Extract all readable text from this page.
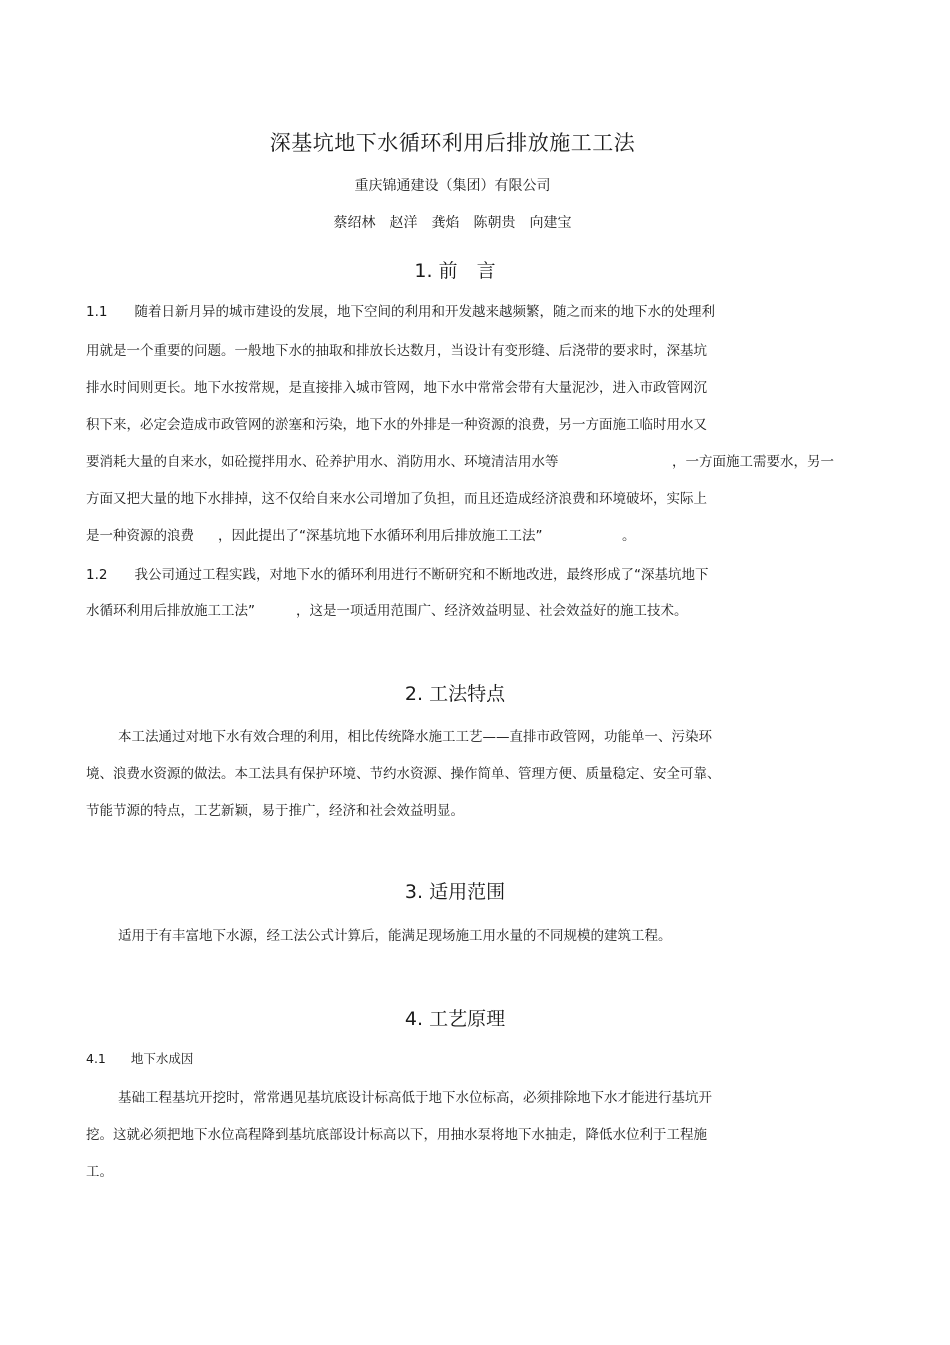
深基坑地下水循环利用后排放施工工法
重庆锦通建设（集团）有限公司
蔡绍林　赵洋　龚焰　陈朝贵　向建宝
1. 前　言
1.1　　随着日新月异的城市建设的发展，地下空间的利用和开发越来越频繁，随之而来的地下水的处理利
用就是一个重要的问题。一般地下水的抽取和排放长达数月，当设计有变形缝、后浇带的要求时，深基坑
排水时间则更长。地下水按常规，是直接排入城市管网，地下水中常常会带有大量泥沙，进入市政管网沉
积下来，必定会造成市政管网的淤塞和污染，地下水的外排是一种资源的浪费，另一方面施工临时用水又
要消耗大量的自来水，如砼搅拌用水、砼养护用水、消防用水、环境清洁用水等	，一方面施工需要水，另一
方面又把大量的地下水排掉，这不仅给自来水公司增加了负担，而且还造成经济浪费和环境破坏，实际上
是一种资源的浪费 ，因此提出了“深基坑地下水循环利用后排放施工工法”	。
1.2　　我公司通过工程实践，对地下水的循环利用进行不断研究和不断地改进，最终形成了“深基坑地下
水循环利用后排放施工工法”	，这是一项适用范围广、经济效益明显、社会效益好的施工技术。
2. 工法特点
本工法通过对地下水有效合理的利用，相比传统降水施工工艺——直排市政管网，功能单一、污染环
境、浪费水资源的做法。本工法具有保护环境、节约水资源、操作简单、管理方便、质量稳定、安全可靠、
节能节源的特点，工艺新颖，易于推广，经济和社会效益明显。
3. 适用范围
适用于有丰富地下水源，经工法公式计算后，能满足现场施工用水量的不同规模的建筑工程。
4. 工艺原理
4.1　　地下水成因
基础工程基坑开挖时，常常遇见基坑底设计标高低于地下水位标高，必须排除地下水才能进行基坑开
挖。这就必须把地下水位高程降到基坑底部设计标高以下，用抽水泵将地下水抽走，降低水位利于工程施
工。
